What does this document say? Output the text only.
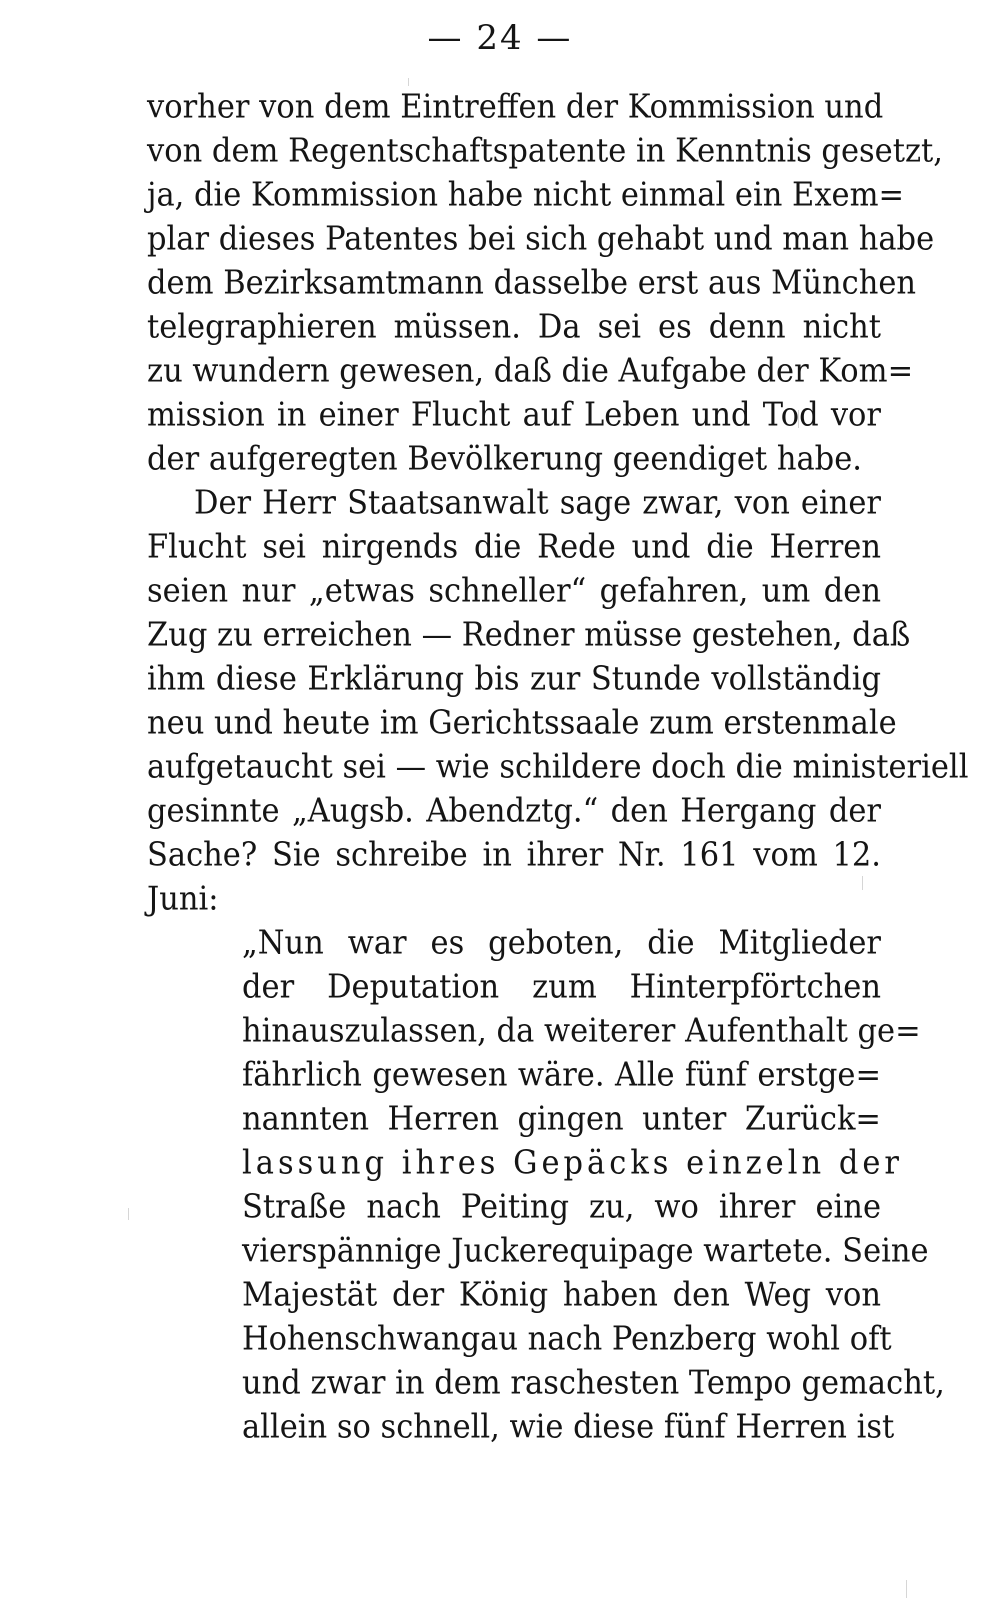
— 24 —
vorher von dem Eintreffen der Kommission und
von dem Regentschaftspatente in Kenntnis gesetzt,
ja, die Kommission habe nicht einmal ein Exem=
plar dieses Patentes bei sich gehabt und man habe
dem Bezirksamtmann dasselbe erst aus München
telegraphieren müssen. Da sei es denn nicht
zu wundern gewesen, daß die Aufgabe der Kom=
mission in einer Flucht auf Leben und Tod vor
der aufgeregten Bevölkerung geendiget habe.
Der Herr Staatsanwalt sage zwar, von einer
Flucht sei nirgends die Rede und die Herren
seien nur „etwas schneller“ gefahren, um den
Zug zu erreichen — Redner müsse gestehen, daß
ihm diese Erklärung bis zur Stunde vollständig
neu und heute im Gerichtssaale zum erstenmale
aufgetaucht sei — wie schildere doch die ministeriell
gesinnte „Augsb. Abendztg.“ den Hergang der
Sache? Sie schreibe in ihrer Nr. 161 vom 12.
Juni:
„Nun war es geboten, die Mitglieder
der Deputation zum Hinterpförtchen
hinauszulassen, da weiterer Aufenthalt ge=
fährlich gewesen wäre. Alle fünf erstge=
nannten Herren gingen unter Zurück=
lassung ihres Gepäcks einzeln der
Straße nach Peiting zu, wo ihrer eine
vierspännige Juckerequipage wartete. Seine
Majestät der König haben den Weg von
Hohenschwangau nach Penzberg wohl oft
und zwar in dem raschesten Tempo gemacht,
allein so schnell, wie diese fünf Herren ist
